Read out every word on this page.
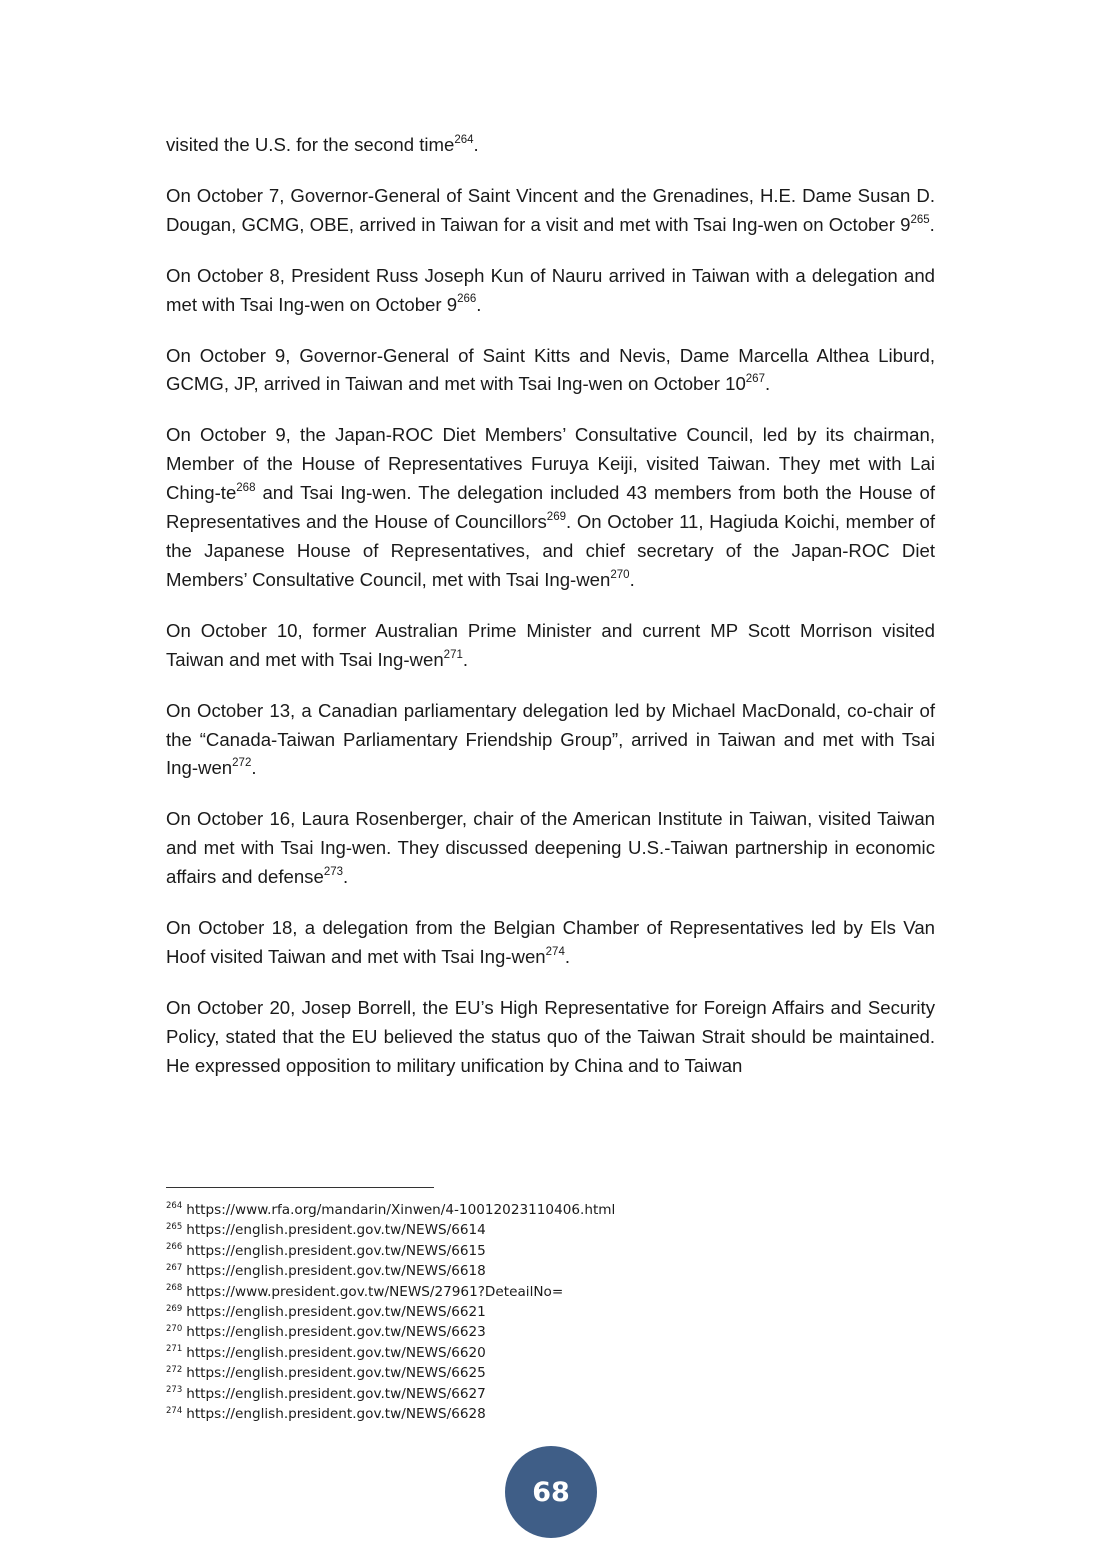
visited the U.S. for the second time$^{264}$.

On October 7, Governor-General of Saint Vincent and the Grenadines, H.E. Dame Susan D. Dougan, GCMG, OBE, arrived in Taiwan for a visit and met with Tsai Ing-wen on October 9$^{265}$.

On October 8, President Russ Joseph Kun of Nauru arrived in Taiwan with a delegation and met with Tsai Ing-wen on October 9$^{266}$.

On October 9, Governor-General of Saint Kitts and Nevis, Dame Marcella Althea Liburd, GCMG, JP, arrived in Taiwan and met with Tsai Ing-wen on October 10$^{267}$.

On October 9, the Japan-ROC Diet Members’ Consultative Council, led by its chairman, Member of the House of Representatives Furuya Keiji, visited Taiwan. They met with Lai Ching-te$^{268}$ and Tsai Ing-wen. The delegation included 43 members from both the House of Representatives and the House of Councillors$^{269}$. On October 11, Hagiuda Koichi, member of the Japanese House of Representatives, and chief secretary of the Japan-ROC Diet Members’ Consultative Council, met with Tsai Ing-wen$^{270}$.

On October 10, former Australian Prime Minister and current MP Scott Morrison visited Taiwan and met with Tsai Ing-wen$^{271}$.

On October 13, a Canadian parliamentary delegation led by Michael MacDonald, co-chair of the “Canada-Taiwan Parliamentary Friendship Group”, arrived in Taiwan and met with Tsai Ing-wen$^{272}$.

On October 16, Laura Rosenberger, chair of the American Institute in Taiwan, visited Taiwan and met with Tsai Ing-wen. They discussed deepening U.S.-Taiwan partnership in economic affairs and defense$^{273}$.

On October 18, a delegation from the Belgian Chamber of Representatives led by Els Van Hoof visited Taiwan and met with Tsai Ing-wen$^{274}$.

On October 20, Josep Borrell, the EU’s High Representative for Foreign Affairs and Security Policy, stated that the EU believed the status quo of the Taiwan Strait should be maintained. He expressed opposition to military unification by China and to Taiwan

$^{264}$ https://www.rfa.org/mandarin/Xinwen/4-10012023110406.html
$^{265}$ https://english.president.gov.tw/NEWS/6614
$^{266}$ https://english.president.gov.tw/NEWS/6615
$^{267}$ https://english.president.gov.tw/NEWS/6618
$^{268}$ https://www.president.gov.tw/NEWS/27961?DeteailNo=
$^{269}$ https://english.president.gov.tw/NEWS/6621
$^{270}$ https://english.president.gov.tw/NEWS/6623
$^{271}$ https://english.president.gov.tw/NEWS/6620
$^{272}$ https://english.president.gov.tw/NEWS/6625
$^{273}$ https://english.president.gov.tw/NEWS/6627
$^{274}$ https://english.president.gov.tw/NEWS/6628
68
